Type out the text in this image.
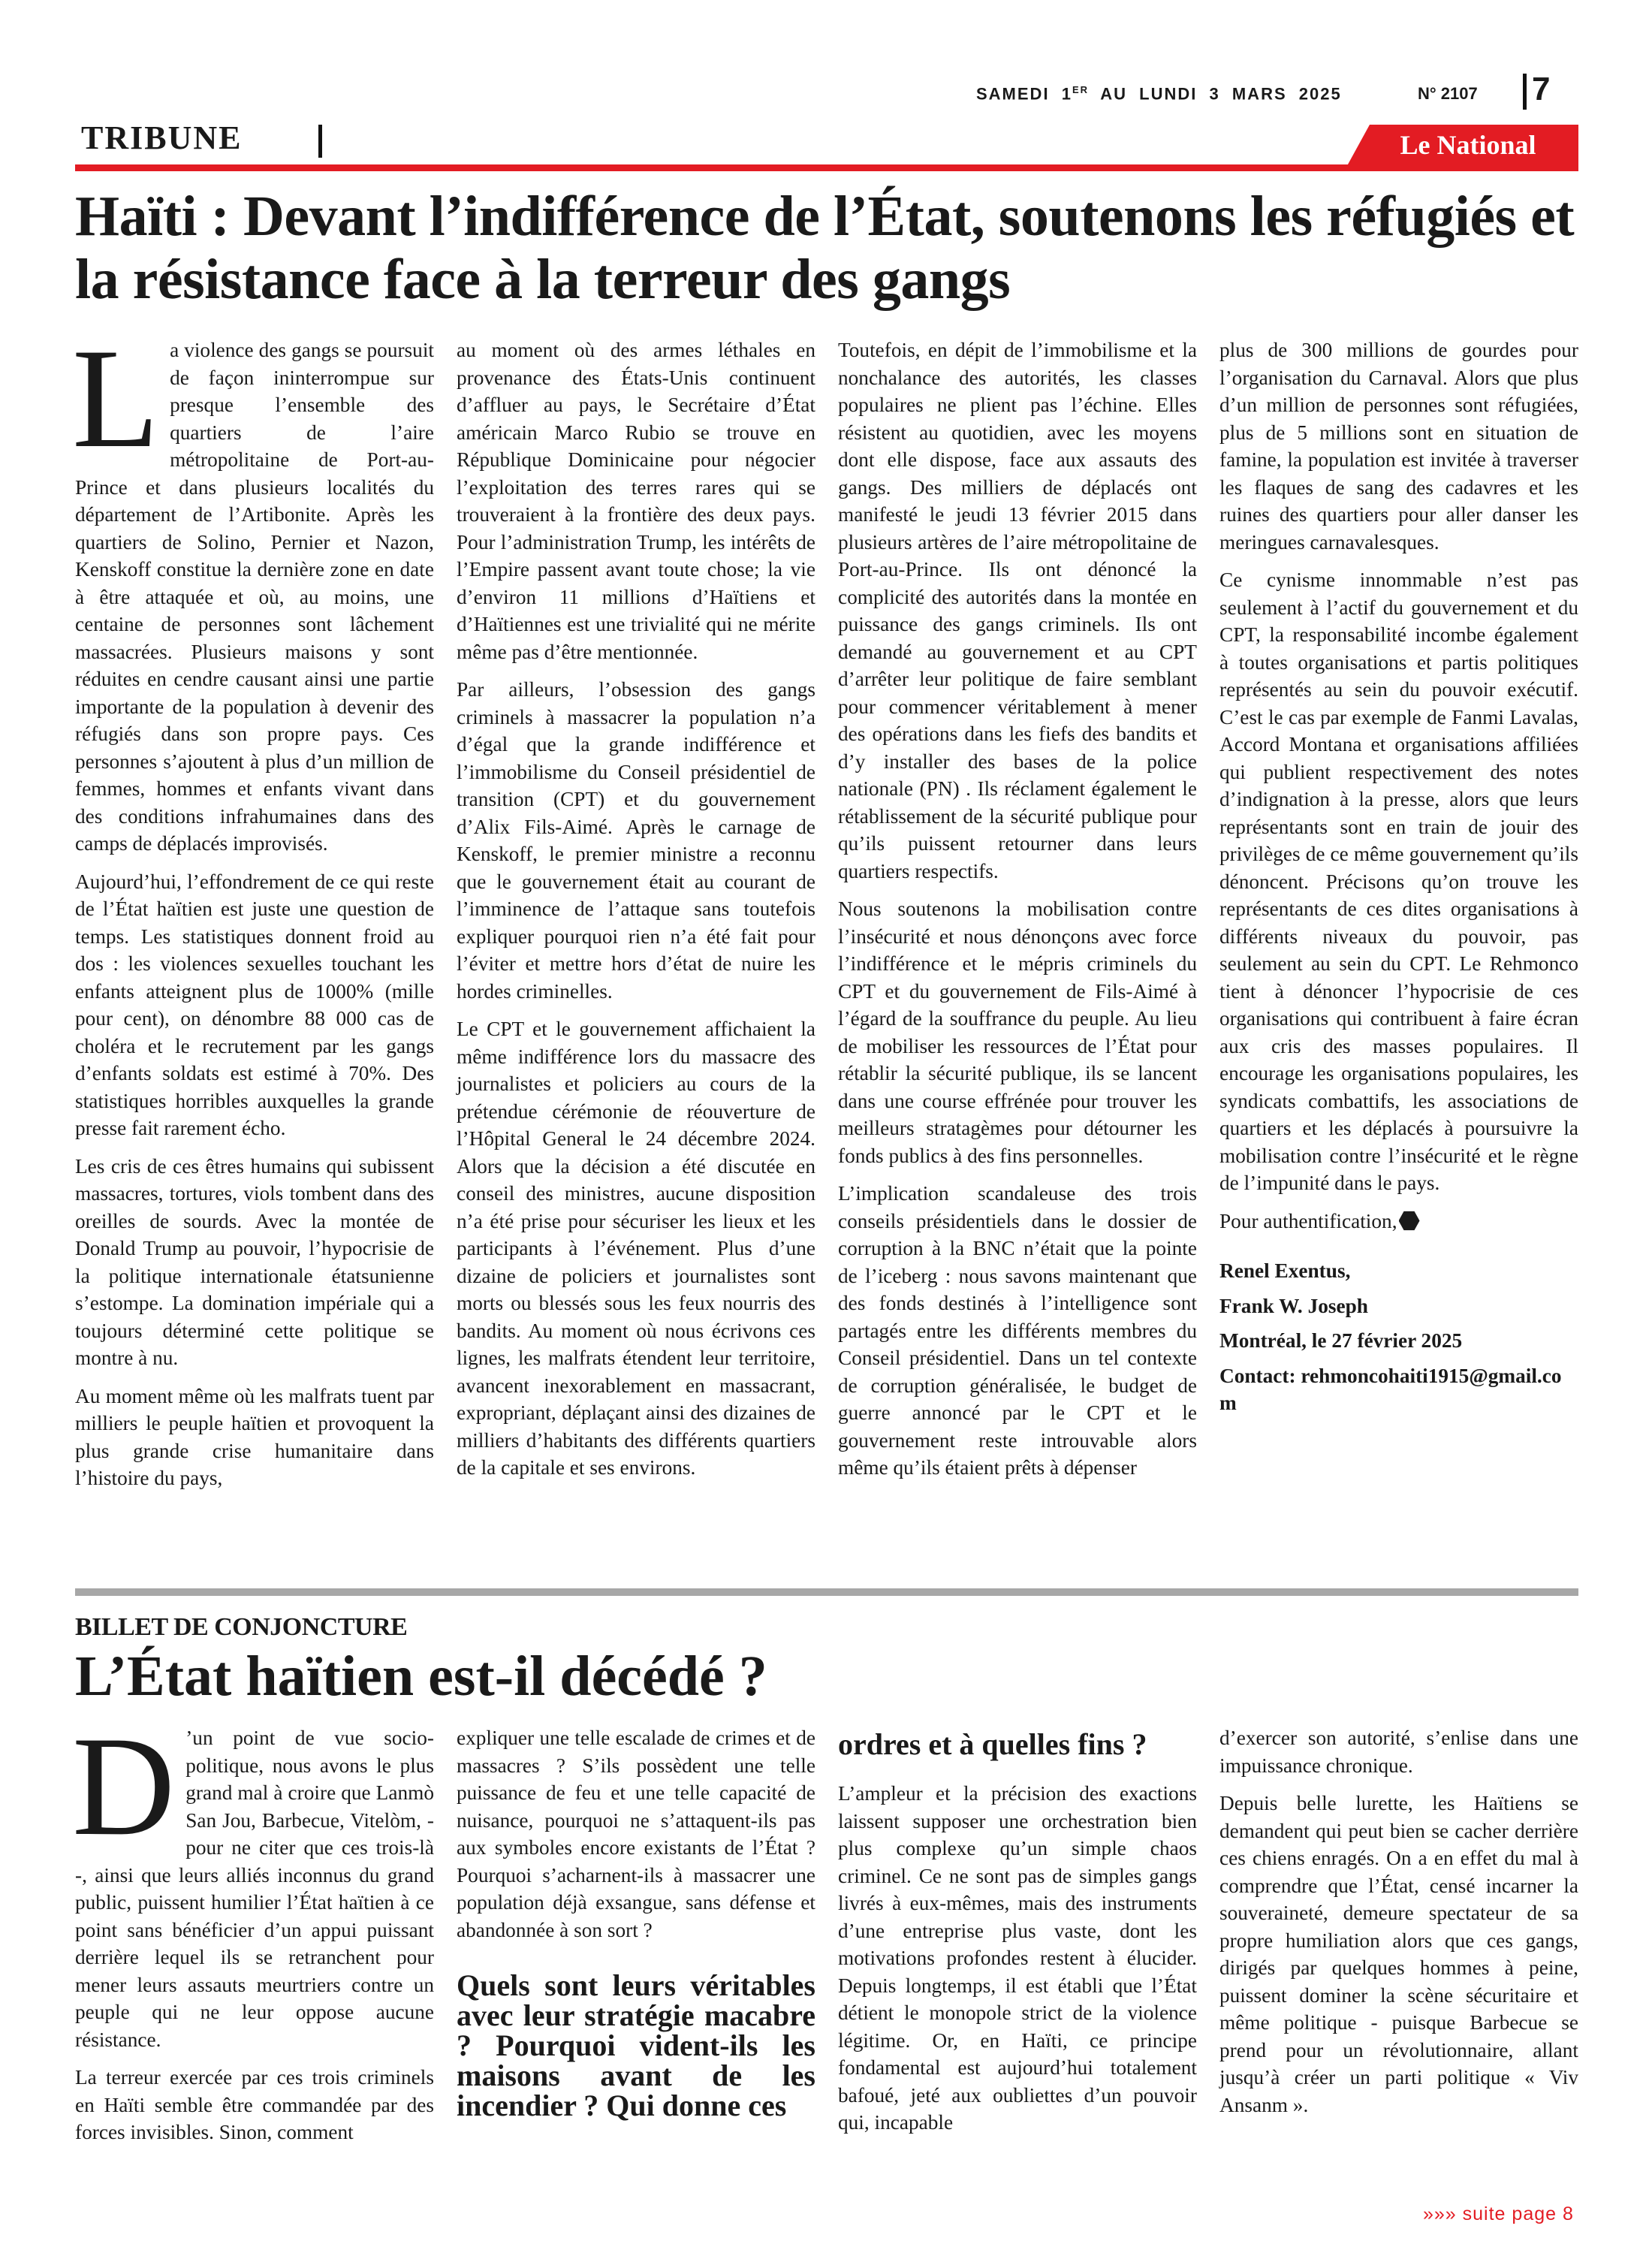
SAMEDI 1ER AU LUNDI 3 MARS 2025	N° 2107 7
TRIBUNE	Le National
Haïti : Devant l’indifférence de l’État, soutenons les réfugiés et la résistance face à la terreur des gangs
L a violence des gangs se poursuit de façon ininterrompue sur presque l’ensemble des quartiers de l’aire métropolitaine de Port-au-Prince et dans plusieurs localités du département de l’Artibonite. Après les quartiers de Solino, Pernier et Nazon, Kenskoff constitue la dernière zone en date à être attaquée et où, au moins, une centaine de personnes sont lâchement massacrées. Plusieurs maisons y sont réduites en cendre causant ainsi une partie importante de la population à devenir des réfugiés dans son propre pays. Ces personnes s’ajoutent à plus d’un million de femmes, hommes et enfants vivant dans des conditions infrahumaines dans des camps de déplacés improvisés.

Aujourd’hui, l’effondrement de ce qui reste de l’État haïtien est juste une question de temps. Les statistiques donnent froid au dos : les violences sexuelles touchant les enfants atteignent plus de 1000% (mille pour cent), on dénombre 88 000 cas de choléra et le recrutement par les gangs d’enfants soldats est estimé à 70%. Des statistiques horribles auxquelles la grande presse fait rarement écho.

Les cris de ces êtres humains qui subissent massacres, tortures, viols tombent dans des oreilles de sourds. Avec la montée de Donald Trump au pouvoir, l’hypocrisie de la politique internationale étatsunienne s’estompe. La domination impériale qui a toujours déterminé cette politique se montre à nu.

Au moment même où les malfrats tuent par milliers le peuple haïtien et provoquent la plus grande crise humanitaire dans l’histoire du pays,

au moment où des armes léthales en provenance des États-Unis continuent d’affluer au pays, le Secrétaire d’État américain Marco Rubio se trouve en République Dominicaine pour négocier l’exploitation des terres rares qui se trouveraient à la frontière des deux pays. Pour l’administration Trump, les intérêts de l’Empire passent avant toute chose; la vie d’environ 11 millions d’Haïtiens et d’Haïtiennes est une trivialité qui ne mérite même pas d’être mentionnée.

Par ailleurs, l’obsession des gangs criminels à massacrer la population n’a d’égal que la grande indifférence et l’immobilisme du Conseil présidentiel de transition (CPT) et du gouvernement d’Alix Fils-Aimé. Après le carnage de Kenskoff, le premier ministre a reconnu que le gouvernement était au courant de l’imminence de l’attaque sans toutefois expliquer pourquoi rien n’a été fait pour l’éviter et mettre hors d’état de nuire les hordes criminelles.

Le CPT et le gouvernement affichaient la même indifférence lors du massacre des journalistes et policiers au cours de la prétendue cérémonie de réouverture de l’Hôpital General le 24 décembre 2024. Alors que la décision a été discutée en conseil des ministres, aucune disposition n’a été prise pour sécuriser les lieux et les participants à l’événement. Plus d’une dizaine de policiers et journalistes sont morts ou blessés sous les feux nourris des bandits. Au moment où nous écrivons ces lignes, les malfrats étendent leur territoire, avancent inexorablement en massacrant, expropriant, déplaçant ainsi des dizaines de milliers d’habitants des différents quartiers de la capitale et ses environs.

Toutefois, en dépit de l’immobilisme et la nonchalance des autorités, les classes populaires ne plient pas l’échine. Elles résistent au quotidien, avec les moyens dont elle dispose, face aux assauts des gangs. Des milliers de déplacés ont manifesté le jeudi 13 février 2015 dans plusieurs artères de l’aire métropolitaine de Port-au-Prince. Ils ont dénoncé la complicité des autorités dans la montée en puissance des gangs criminels. Ils ont demandé au gouvernement et au CPT d’arrêter leur politique de faire semblant pour commencer véritablement à mener des opérations dans les fiefs des bandits et d’y installer des bases de la police nationale (PN) . Ils réclament également le rétablissement de la sécurité publique pour qu’ils puissent retourner dans leurs quartiers respectifs.

Nous soutenons la mobilisation contre l’insécurité et nous dénonçons avec force l’indifférence et le mépris criminels du CPT et du gouvernement de Fils-Aimé à l’égard de la souffrance du peuple. Au lieu de mobiliser les ressources de l’État pour rétablir la sécurité publique, ils se lancent dans une course effrénée pour trouver les meilleurs stratagèmes pour détourner les fonds publics à des fins personnelles.

L’implication scandaleuse des trois conseils présidentiels dans le dossier de corruption à la BNC n’était que la pointe de l’iceberg : nous savons maintenant que des fonds destinés à l’intelligence sont partagés entre les différents membres du Conseil présidentiel. Dans un tel contexte de corruption généralisée, le budget de guerre annoncé par le CPT et le gouvernement reste introuvable alors même qu’ils étaient prêts à dépenser

plus de 300 millions de gourdes pour l’organisation du Carnaval. Alors que plus d’un million de personnes sont réfugiées, plus de 5 millions sont en situation de famine, la population est invitée à traverser les flaques de sang des cadavres et les ruines des quartiers pour aller danser les meringues carnavalesques.

Ce cynisme innommable n’est pas seulement à l’actif du gouvernement et du CPT, la responsabilité incombe également à toutes organisations et partis politiques représentés au sein du pouvoir exécutif. C’est le cas par exemple de Fanmi Lavalas, Accord Montana et organisations affiliées qui publient respectivement des notes d’indignation à la presse, alors que leurs représentants sont en train de jouir des privilèges de ce même gouvernement qu’ils dénoncent. Précisons qu’on trouve les représentants de ces dites organisations à différents niveaux du pouvoir, pas seulement au sein du CPT. Le Rehmonco tient à dénoncer l’hypocrisie de ces organisations qui contribuent à faire écran aux cris des masses populaires. Il encourage les organisations populaires, les syndicats combattifs, les associations de quartiers et les déplacés à poursuivre la mobilisation contre l’insécurité et le règne de l’impunité dans le pays.

Pour authentification,

Renel Exentus,

Frank W. Joseph

Montréal, le 27 février 2025

Contact: rehmoncohaiti1915@gmail.com

BILLET DE CONJONCTURE
L’État haïtien est-il décédé ?
D ’un point de vue socio-politique, nous avons le plus grand mal à croire que Lanmò San Jou, Barbecue, Vitelòm, - pour ne citer que ces trois-là -, ainsi que leurs alliés inconnus du grand public, puissent humilier l’État haïtien à ce point sans bénéficier d’un appui puissant derrière lequel ils se retranchent pour mener leurs assauts meurtriers contre un peuple qui ne leur oppose aucune résistance.

La terreur exercée par ces trois criminels en Haïti semble être commandée par des forces invisibles. Sinon, comment

expliquer une telle escalade de crimes et de massacres ? S’ils possèdent une telle puissance de feu et une telle capacité de nuisance, pourquoi ne s’attaquent-ils pas aux symboles encore existants de l’État ? Pourquoi s’acharnent-ils à massacrer une population déjà exsangue, sans défense et abandonnée à son sort ?

Quels sont leurs véritables avec leur stratégie macabre ? Pourquoi vident-ils les maisons avant de les incendier ? Qui donne ces
ordres et à quelles fins ?

L’ampleur et la précision des exactions laissent supposer une orchestration bien plus complexe qu’un simple chaos criminel. Ce ne sont pas de simples gangs livrés à eux-mêmes, mais des instruments d’une entreprise plus vaste, dont les motivations profondes restent à élucider. Depuis longtemps, il est établi que l’État détient le monopole strict de la violence légitime. Or, en Haïti, ce principe fondamental est aujourd’hui totalement bafoué, jeté aux oubliettes d’un pouvoir qui, incapable

d’exercer son autorité, s’enlise dans une impuissance chronique.

Depuis belle lurette, les Haïtiens se demandent qui peut bien se cacher derrière ces chiens enragés. On a en effet du mal à comprendre que l’État, censé incarner la souveraineté, demeure spectateur de sa propre humiliation alors que ces gangs, dirigés par quelques hommes à peine, puissent dominer la scène sécuritaire et même politique - puisque Barbecue se prend pour un révolutionnaire, allant jusqu’à créer un parti politique « Viv Ansanm ».

»»» suite page 8
